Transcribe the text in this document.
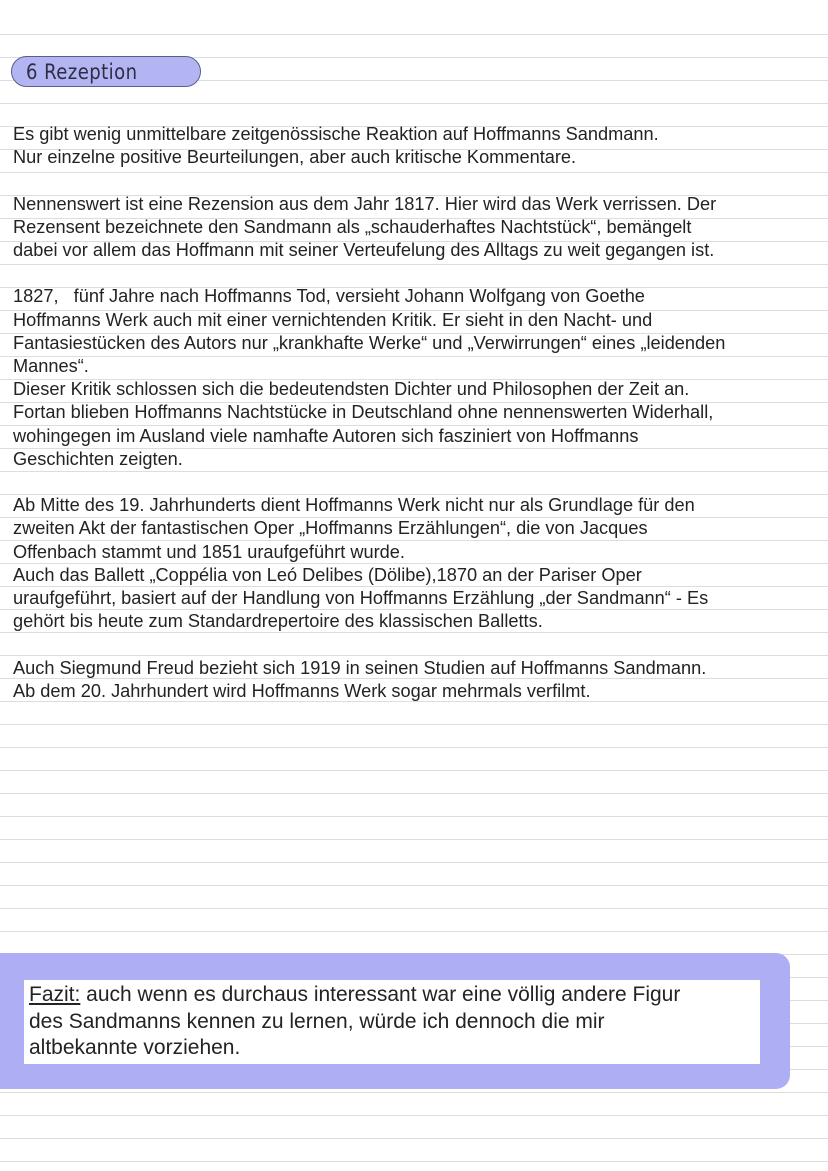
6 Rezeption
Es gibt wenig unmittelbare zeitgenössische Reaktion auf Hoffmanns Sandmann.
Nur einzelne positive Beurteilungen, aber auch kritische Kommentare.
Nennenswert ist eine Rezension aus dem Jahr 1817. Hier wird das Werk verrissen. Der
Rezensent bezeichnete den Sandmann als „schauderhaftes Nachtstück“, bemängelt
dabei vor allem das Hoffmann mit seiner Verteufelung des Alltags zu weit gegangen ist.
1827,   fünf Jahre nach Hoffmanns Tod, versieht Johann Wolfgang von Goethe
Hoffmanns Werk auch mit einer vernichtenden Kritik. Er sieht in den Nacht- und
Fantasiestücken des Autors nur „krankhafte Werke“ und „Verwirrungen“ eines „leidenden
Mannes“.
Dieser Kritik schlossen sich die bedeutendsten Dichter und Philosophen der Zeit an.
Fortan blieben Hoffmanns Nachtstücke in Deutschland ohne nennenswerten Widerhall,
wohingegen im Ausland viele namhafte Autoren sich fasziniert von Hoffmanns
Geschichten zeigten.
Ab Mitte des 19. Jahrhunderts dient Hoffmanns Werk nicht nur als Grundlage für den
zweiten Akt der fantastischen Oper „Hoffmanns Erzählungen“, die von Jacques
Offenbach stammt und 1851 uraufgeführt wurde.
Auch das Ballett „Coppélia von Leó Delibes (Dölibe),1870 an der Pariser Oper
uraufgeführt, basiert auf der Handlung von Hoffmanns Erzählung „der Sandmann“ - Es
gehört bis heute zum Standardrepertoire des klassischen Balletts.
Auch Siegmund Freud bezieht sich 1919 in seinen Studien auf Hoffmanns Sandmann.
Ab dem 20. Jahrhundert wird Hoffmanns Werk sogar mehrmals verfilmt.
Fazit: auch wenn es durchaus interessant war eine völlig andere Figur
des Sandmanns kennen zu lernen, würde ich dennoch die mir
altbekannte vorziehen.
